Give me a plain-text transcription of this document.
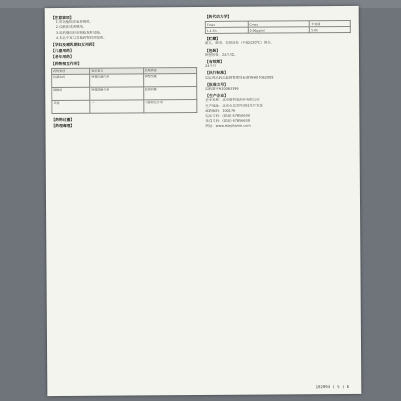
【注意事项】

1.肝功能损害患者慎用。

2.过敏体质者慎用。

3.用药期间应定期检查肝功能。

4.本品不宜与其他药物同时服用。

【孕妇及哺乳期妇女用药】

【儿童用药】

【老年用药】

【药物相互作用】

药物类别	临床意义	处理措施
抗凝血药	增强抗凝作用	调整剂量
降糖药	增强降糖作用	监测血糖
其他	—	可能相互作用

【药物过量】

【药理毒理】

【药代动力学】

Tmax	Cmax	半衰期
1-1.5h	0.96μg/ml	5.6h

【贮藏】

遮光，密闭，在阴凉处（不超过20℃）保存。

【包装】

铝塑包装，24片/盒。

【有效期】

24个月

【执行标准】

国家食品药品监督管理局标准YBH07062009

【批准文号】

国药准字H20083399

【生产企业】

企业名称：北京斯利安药业有限公司

生产地址：北京市北京经济技术开发区

邮政编码：100176

电话号码：(010) 67856639

传真号码：(010) 67856639

网址：www.islephanm.com

102094 ( 5 ) E
